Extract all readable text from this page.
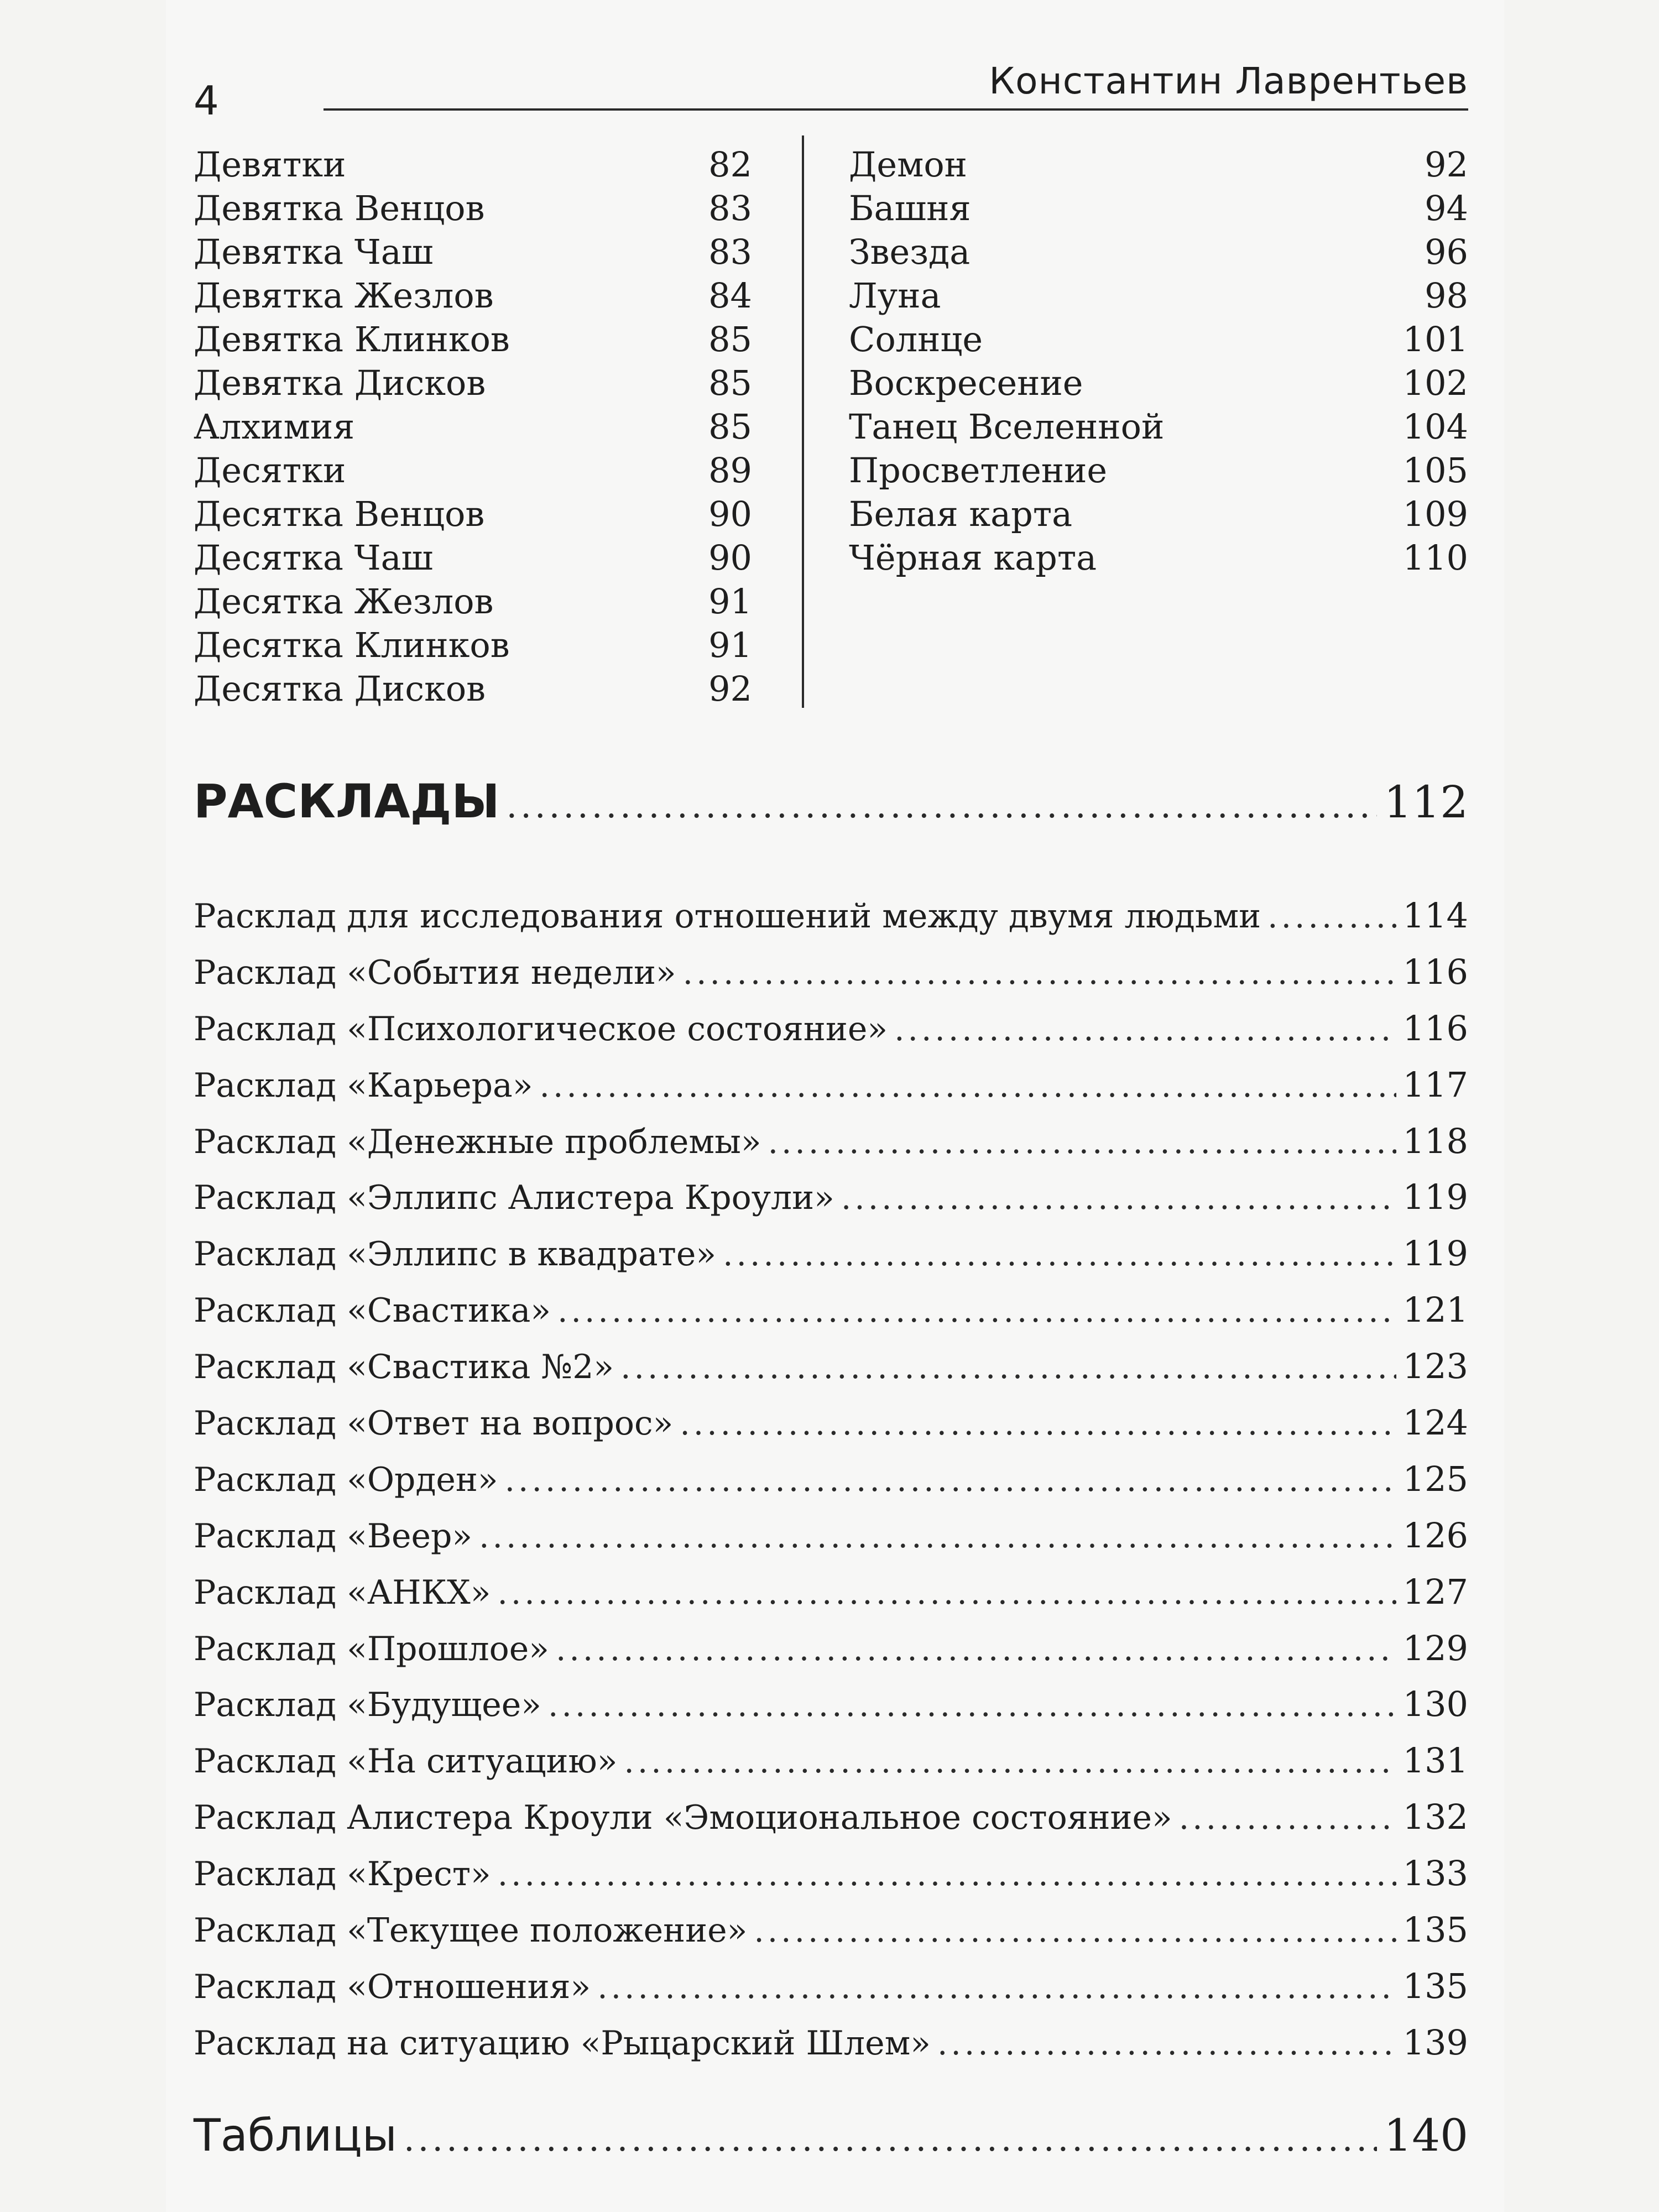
4	Константин Лаврентьев
Девятки	82
Девятка Венцов	83
Девятка Чаш	83
Девятка Жезлов	84
Девятка Клинков	85
Девятка Дисков	85
Алхимия	85
Десятки	89
Десятка Венцов	90
Десятка Чаш	90
Десятка Жезлов	91
Десятка Клинков	91
Десятка Дисков	92
Демон	92
Башня	94
Звезда	96
Луна	98
Солнце	101
Воскресение	102
Танец Вселенной	104
Просветление	105
Белая карта	109
Чёрная карта	110
РАСКЛАДЫ .....	112
Расклад для исследования отношений между двумя людьми .....	114
Расклад «События недели» .....	116
Расклад «Психологическое состояние» .....	116
Расклад «Карьера» .....	117
Расклад «Денежные проблемы» .....	118
Расклад «Эллипс Алистера Кроули» .....	119
Расклад «Эллипс в квадрате» .....	119
Расклад «Свастика» .....	121
Расклад «Свастика №2» .....	123
Расклад «Ответ на вопрос» .....	124
Расклад «Орден» .....	125
Расклад «Веер» .....	126
Расклад «АНКХ» .....	127
Расклад «Прошлое» .....	129
Расклад «Будущее» .....	130
Расклад «На ситуацию» .....	131
Расклад Алистера Кроули «Эмоциональное состояние» .....	132
Расклад «Крест» .....	133
Расклад «Текущее положение» .....	135
Расклад «Отношения» .....	135
Расклад на ситуацию «Рыцарский Шлем» .....	139
Таблицы .....	140
